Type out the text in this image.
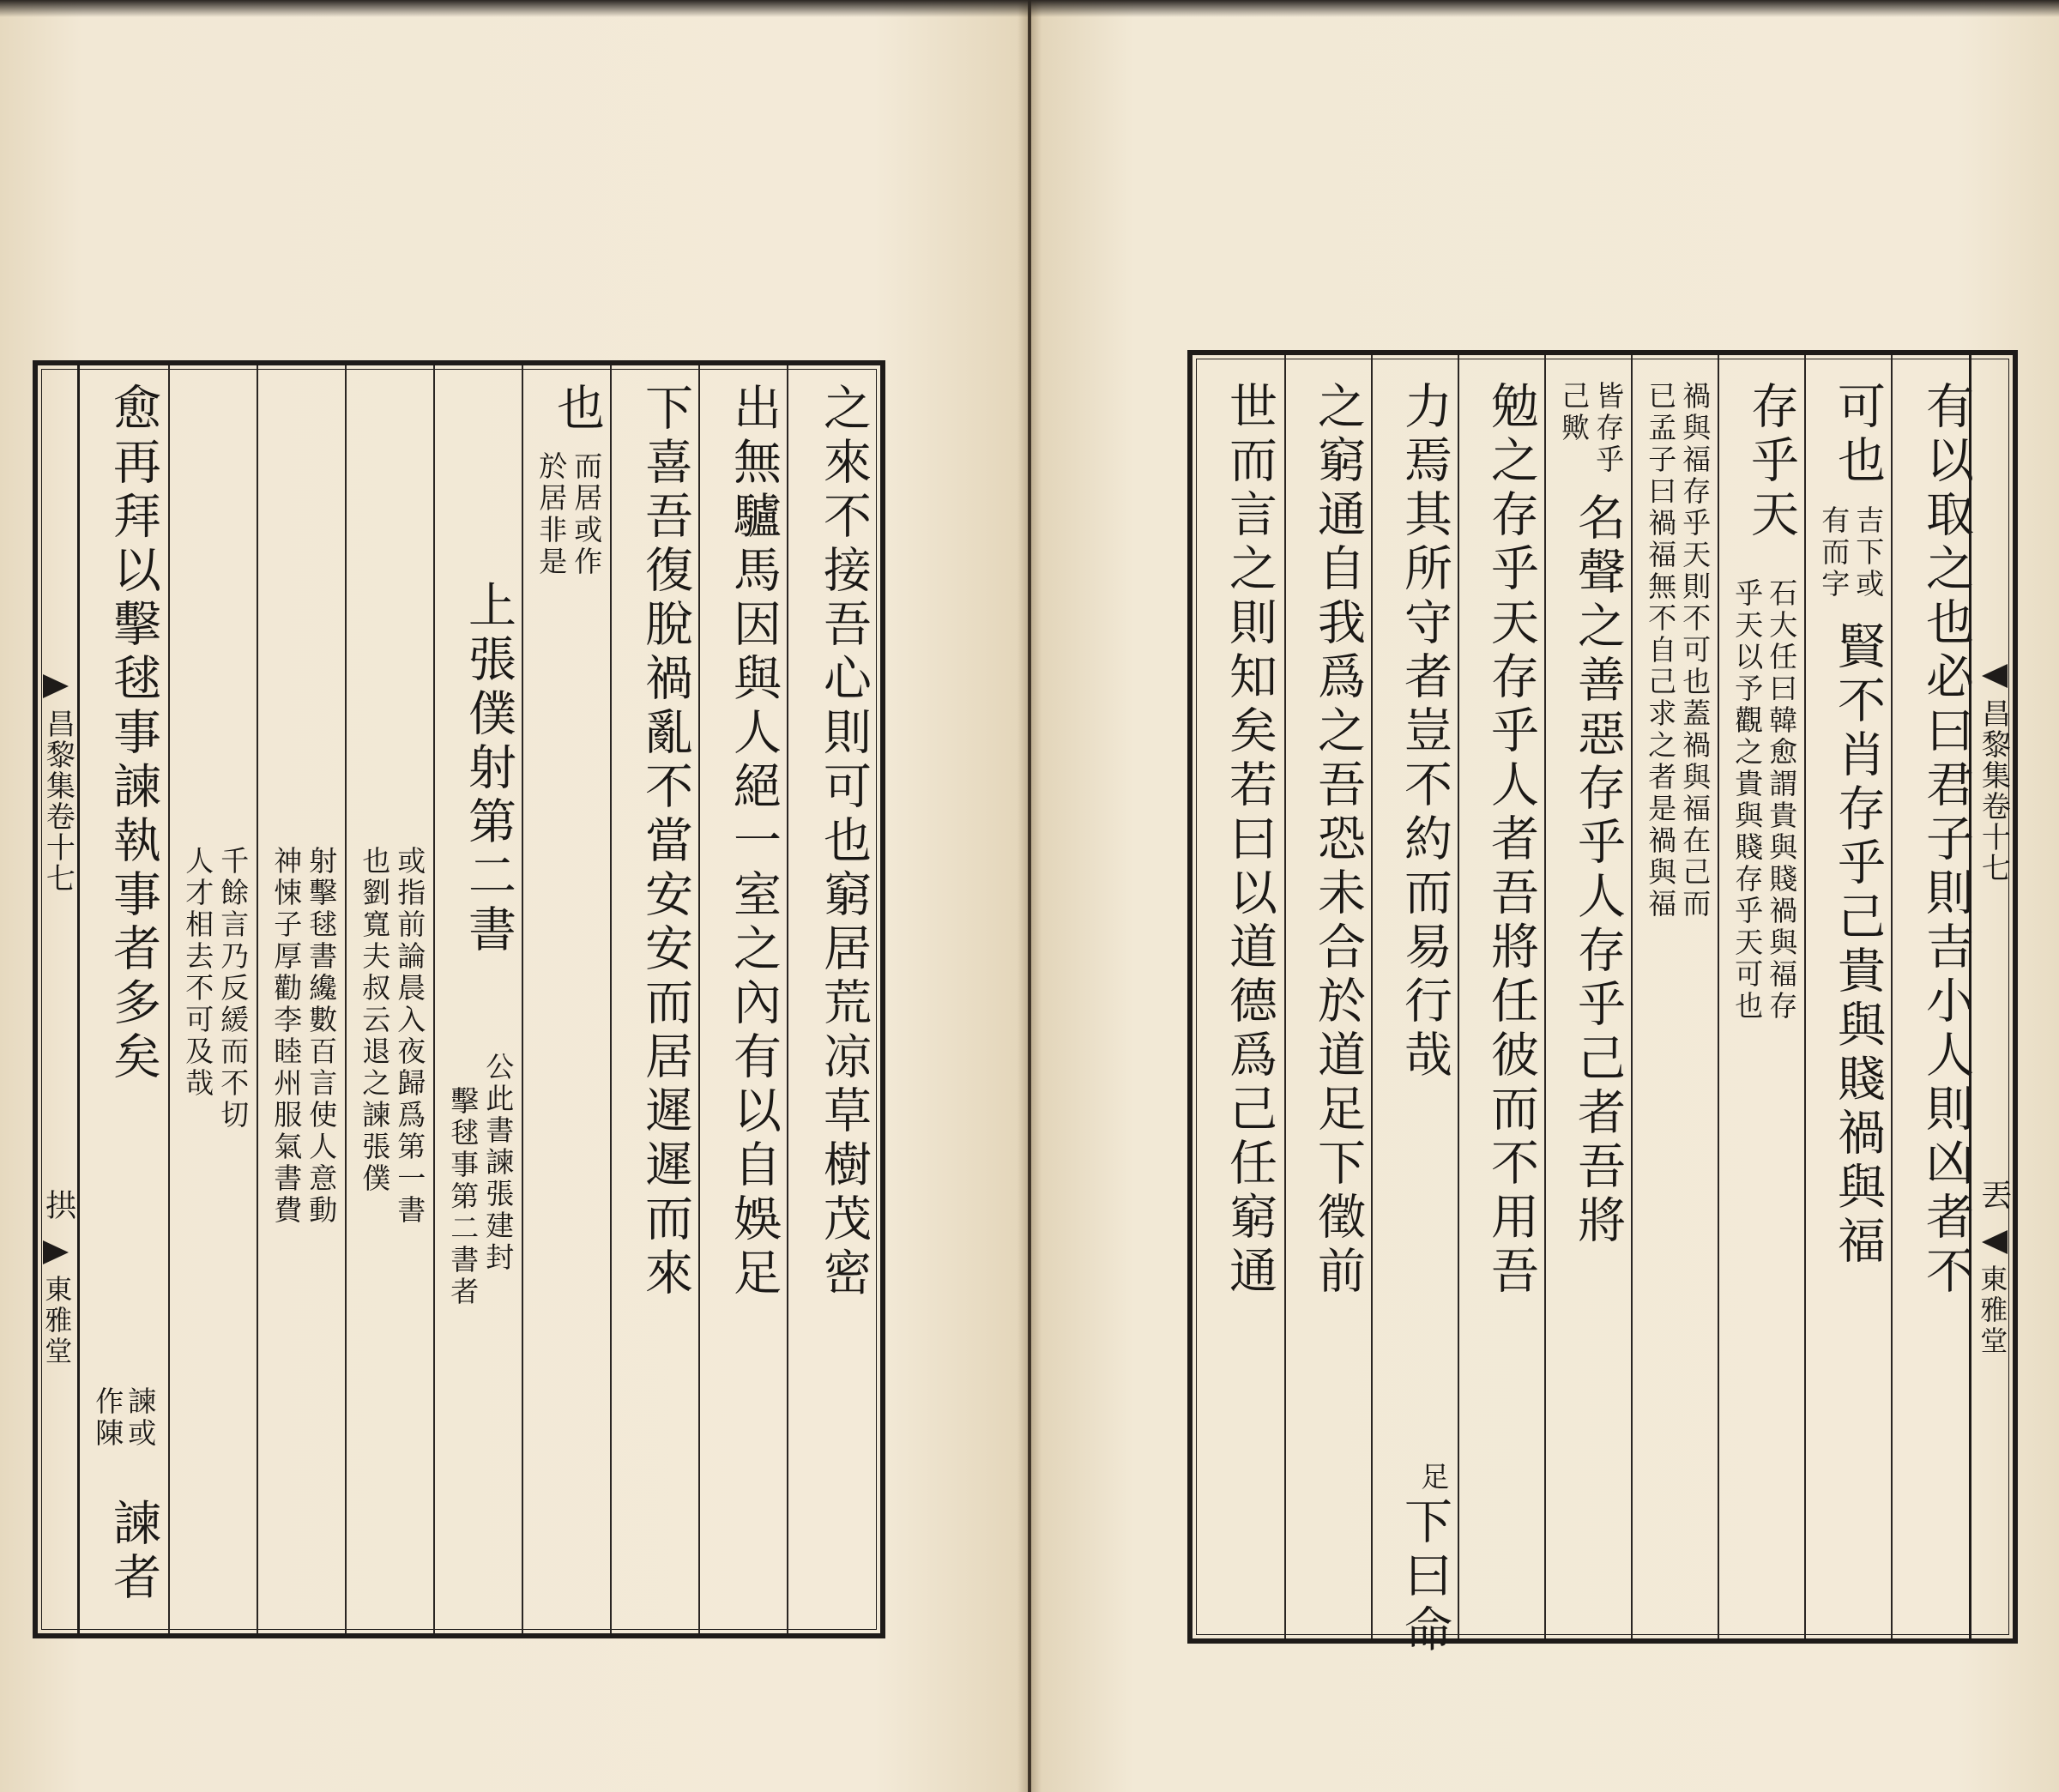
昌黎集卷十七
拱
東雅堂
愈再拜以擊毬事諫執事者多矣
諫或
作陳
諫者
千餘言乃反緩而不切
人才相去不可及哉	射擊毬書纔數百言使人意動
神悚子厚勸李睦州服氣書費	或指前論晨入夜歸爲第一書
也劉寬夫叔云退之諫張僕
上張僕射第二書
公此書諫張建封
擊毬事第二書者
也
而居或作
於居非是 下喜吾復脫禍亂不當安安而居遲遲而來 出無驢馬因與人絕一室之內有以自娛足 之來不接吾心則可也窮居荒凉草樹茂密	世而言之則知矣若曰以道德爲己任窮通 之窮通自我爲之吾恐未合於道足下徵前 力焉其所守者豈不約而易行哉
足
下曰命
勉之存乎天存乎人者吾將任彼而不用吾 皆存乎
己歟
名聲之善惡存乎人存乎己者吾將 禍與福存乎天則不可也蓋禍與福在己而
已孟子曰禍福無不自己求之者是禍與福 存乎天
石大任曰韓愈謂貴與賤禍與福存
乎天以予觀之貴與賤存乎天可也
可也
吉下或
有而字
賢不肖存乎己貴與賤禍與福 有以取之也必曰君子則吉小人則凶者不 昌黎集卷十七
丟
東雅堂
